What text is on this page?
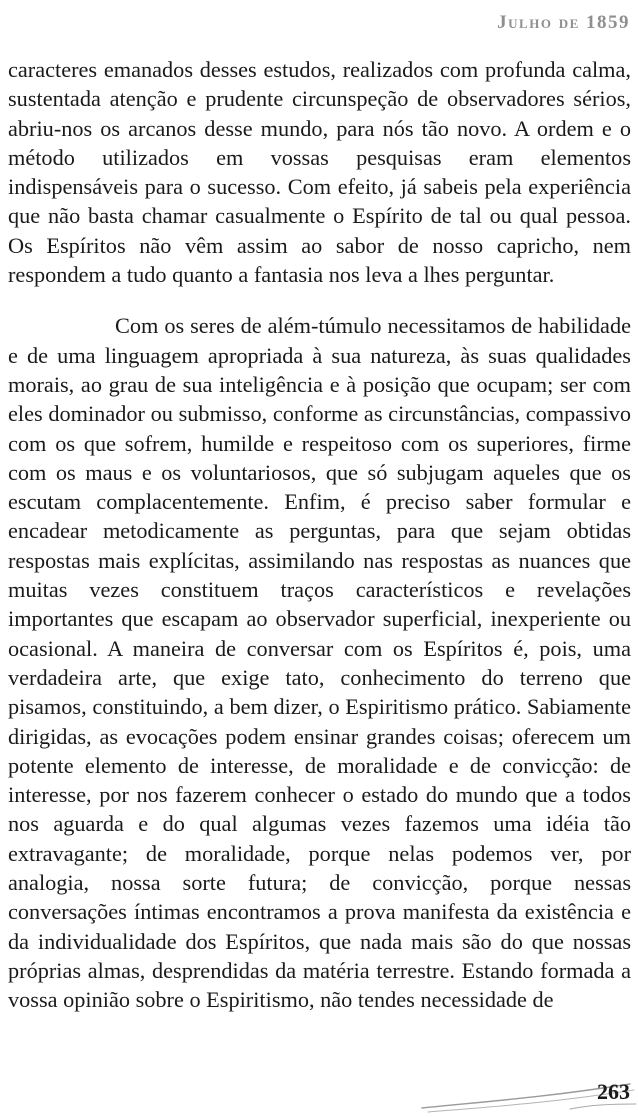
Julho de 1859

caracteres emanados desses estudos, realizados com profunda calma, sustentada atenção e prudente circunspeção de observadores sérios, abriu-nos os arcanos desse mundo, para nós tão novo. A ordem e o método utilizados em vossas pesquisas eram elementos indispensáveis para o sucesso. Com efeito, já sabeis pela experiência que não basta chamar casualmente o Espírito de tal ou qual pessoa. Os Espíritos não vêm assim ao sabor de nosso capricho, nem respondem a tudo quanto a fantasia nos leva a lhes perguntar.

Com os seres de além-túmulo necessitamos de habilidade e de uma linguagem apropriada à sua natureza, às suas qualidades morais, ao grau de sua inteligência e à posição que ocupam; ser com eles dominador ou submisso, conforme as circunstâncias, compassivo com os que sofrem, humilde e respeitoso com os superiores, firme com os maus e os voluntariosos, que só subjugam aqueles que os escutam complacentemente. Enfim, é preciso saber formular e encadear metodicamente as perguntas, para que sejam obtidas respostas mais explícitas, assimilando nas respostas as nuances que muitas vezes constituem traços característicos e revelações importantes que escapam ao observador superficial, inexperiente ou ocasional. A maneira de conversar com os Espíritos é, pois, uma verdadeira arte, que exige tato, conhecimento do terreno que pisamos, constituindo, a bem dizer, o Espiritismo prático. Sabiamente dirigidas, as evocações podem ensinar grandes coisas; oferecem um potente elemento de interesse, de moralidade e de convicção: de interesse, por nos fazerem conhecer o estado do mundo que a todos nos aguarda e do qual algumas vezes fazemos uma idéia tão extravagante; de moralidade, porque nelas podemos ver, por analogia, nossa sorte futura; de convicção, porque nessas conversações íntimas encontramos a prova manifesta da existência e da individualidade dos Espíritos, que nada mais são do que nossas próprias almas, desprendidas da matéria terrestre. Estando formada a vossa opinião sobre o Espiritismo, não tendes necessidade de

263
